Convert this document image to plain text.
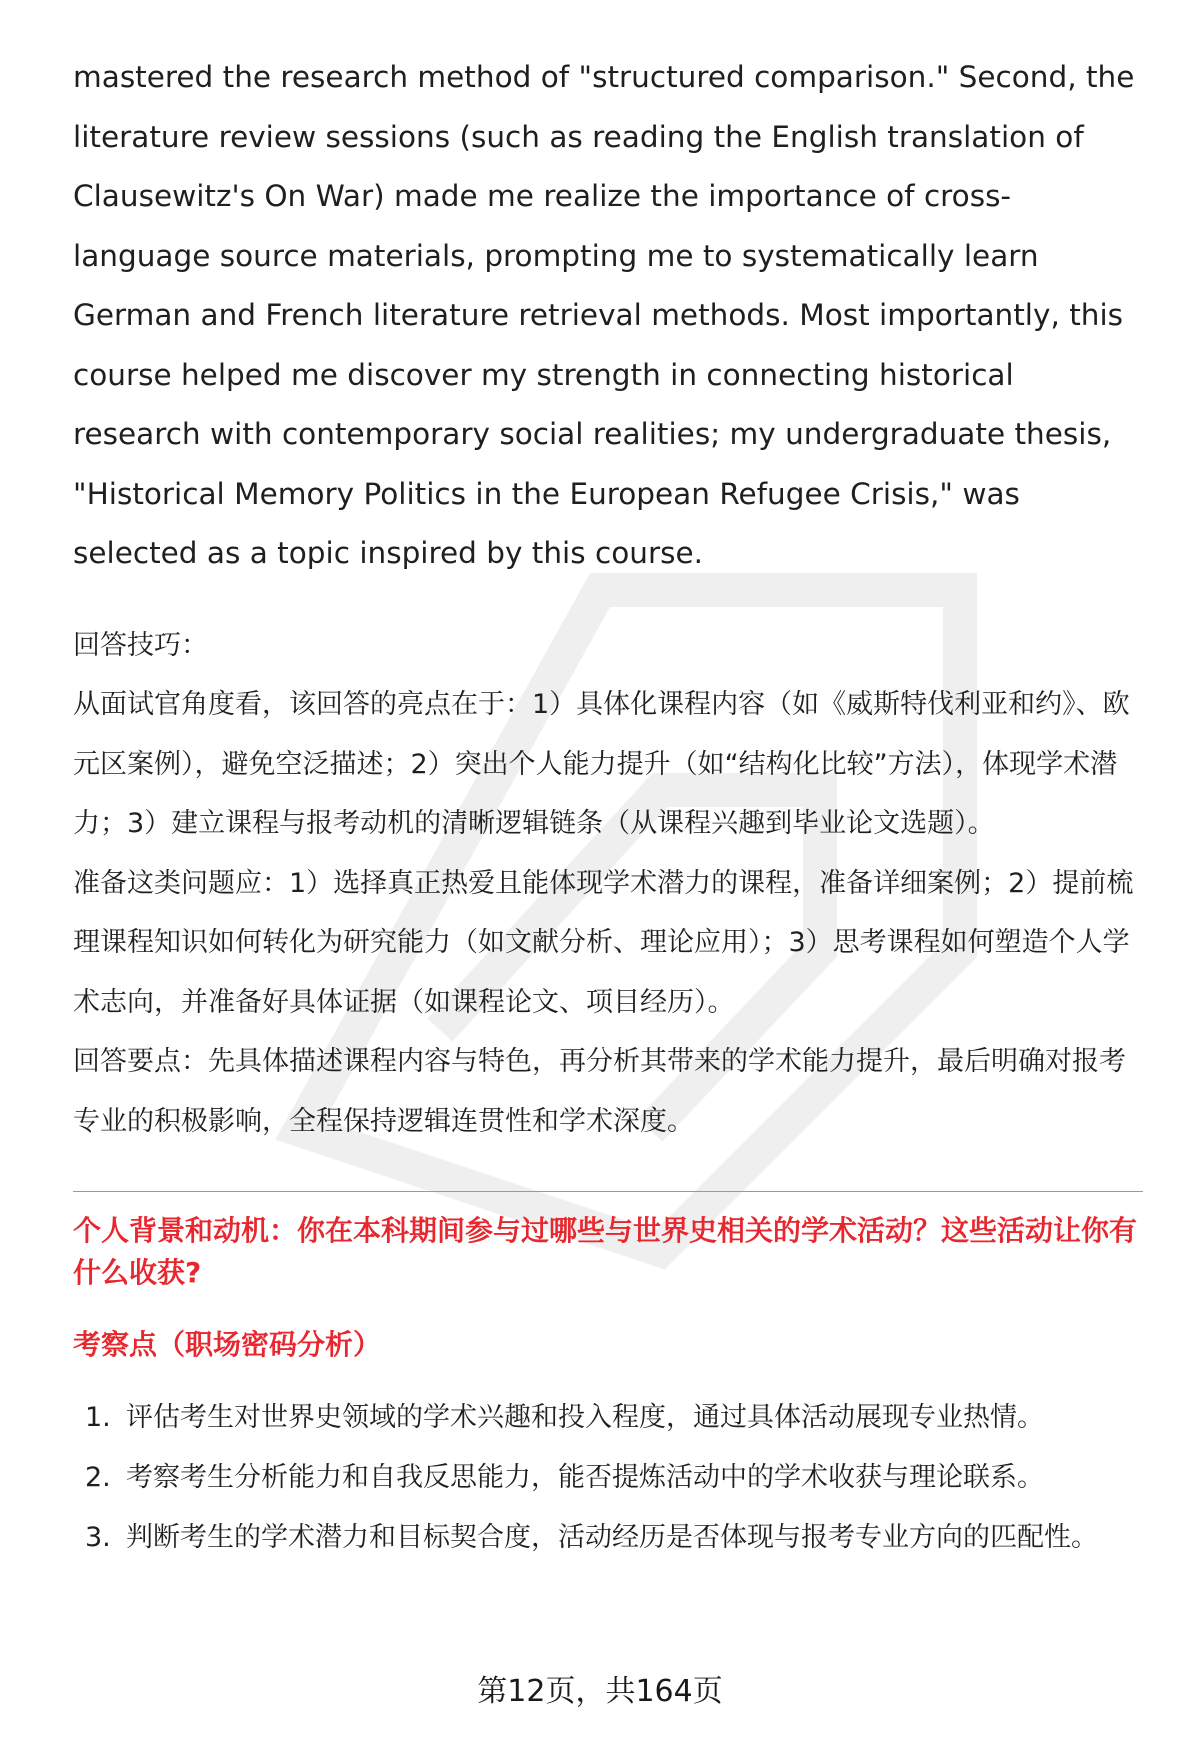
mastered the research method of "structured comparison." Second, the literature review sessions (such as reading the English translation of Clausewitz's On War) made me realize the importance of cross-language source materials, prompting me to systematically learn German and French literature retrieval methods. Most importantly, this course helped me discover my strength in connecting historical research with contemporary social realities; my undergraduate thesis, "Historical Memory Politics in the European Refugee Crisis," was selected as a topic inspired by this course.

回答技巧：

从面试官角度看，该回答的亮点在于：1）具体化课程内容（如《威斯特伐利亚和约》、欧元区案例），避免空泛描述；2）突出个人能力提升（如“结构化比较”方法），体现学术潜力；3）建立课程与报考动机的清晰逻辑链条（从课程兴趣到毕业论文选题）。

准备这类问题应：1）选择真正热爱且能体现学术潜力的课程，准备详细案例；2）提前梳理课程知识如何转化为研究能力（如文献分析、理论应用）；3）思考课程如何塑造个人学术志向，并准备好具体证据（如课程论文、项目经历）。

回答要点：先具体描述课程内容与特色，再分析其带来的学术能力提升，最后明确对报考专业的积极影响，全程保持逻辑连贯性和学术深度。

个人背景和动机：你在本科期间参与过哪些与世界史相关的学术活动？这些活动让你有什么收获?

考察点（职场密码分析）

1. 评估考生对世界史领域的学术兴趣和投入程度，通过具体活动展现专业热情。
2. 考察考生分析能力和自我反思能力，能否提炼活动中的学术收获与理论联系。
3. 判断考生的学术潜力和目标契合度，活动经历是否体现与报考专业方向的匹配性。
第12页，共164页
